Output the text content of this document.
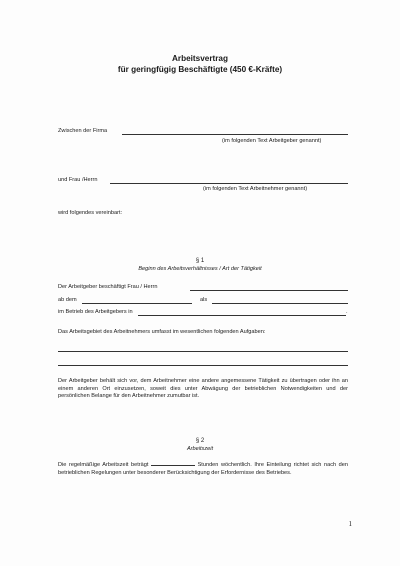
Arbeitsvertrag
für geringfügig Beschäftigte (450 €-Kräfte)
Zwischen der Firma
(im folgenden Text Arbeitgeber genannt)
und Frau /Herrn
(im folgenden Text Arbeitnehmer genannt)
wird folgendes vereinbart:
§ 1
Beginn des Arbeitsverhältnisses / Art der Tätigkeit
Der Arbeitgeber beschäftigt Frau / Herrn
ab dem	als
im Betrieb des Arbeitgebers in	.
Das Arbeitsgebiet des Arbeitnehmers umfasst im wesentlichen folgenden Aufgaben:
Der Arbeitgeber behält sich vor, dem Arbeitnehmer eine andere angemessene Tätigkeit zu übertragen oder ihn an einem anderen Ort einzusetzen, soweit dies unter Abwägung der betrieblichen Notwendigkeiten und der persönlichen Belange für den Arbeitnehmer zumutbar ist.
§ 2
Arbeitszeit
Die regelmäßige Arbeitszeit beträgt	Stunden wöchentlich. Ihre Einteilung richtet sich nach den betrieblichen Regelungen unter besonderer Berücksichtigung der Erfordernisse des Betriebes.
1
